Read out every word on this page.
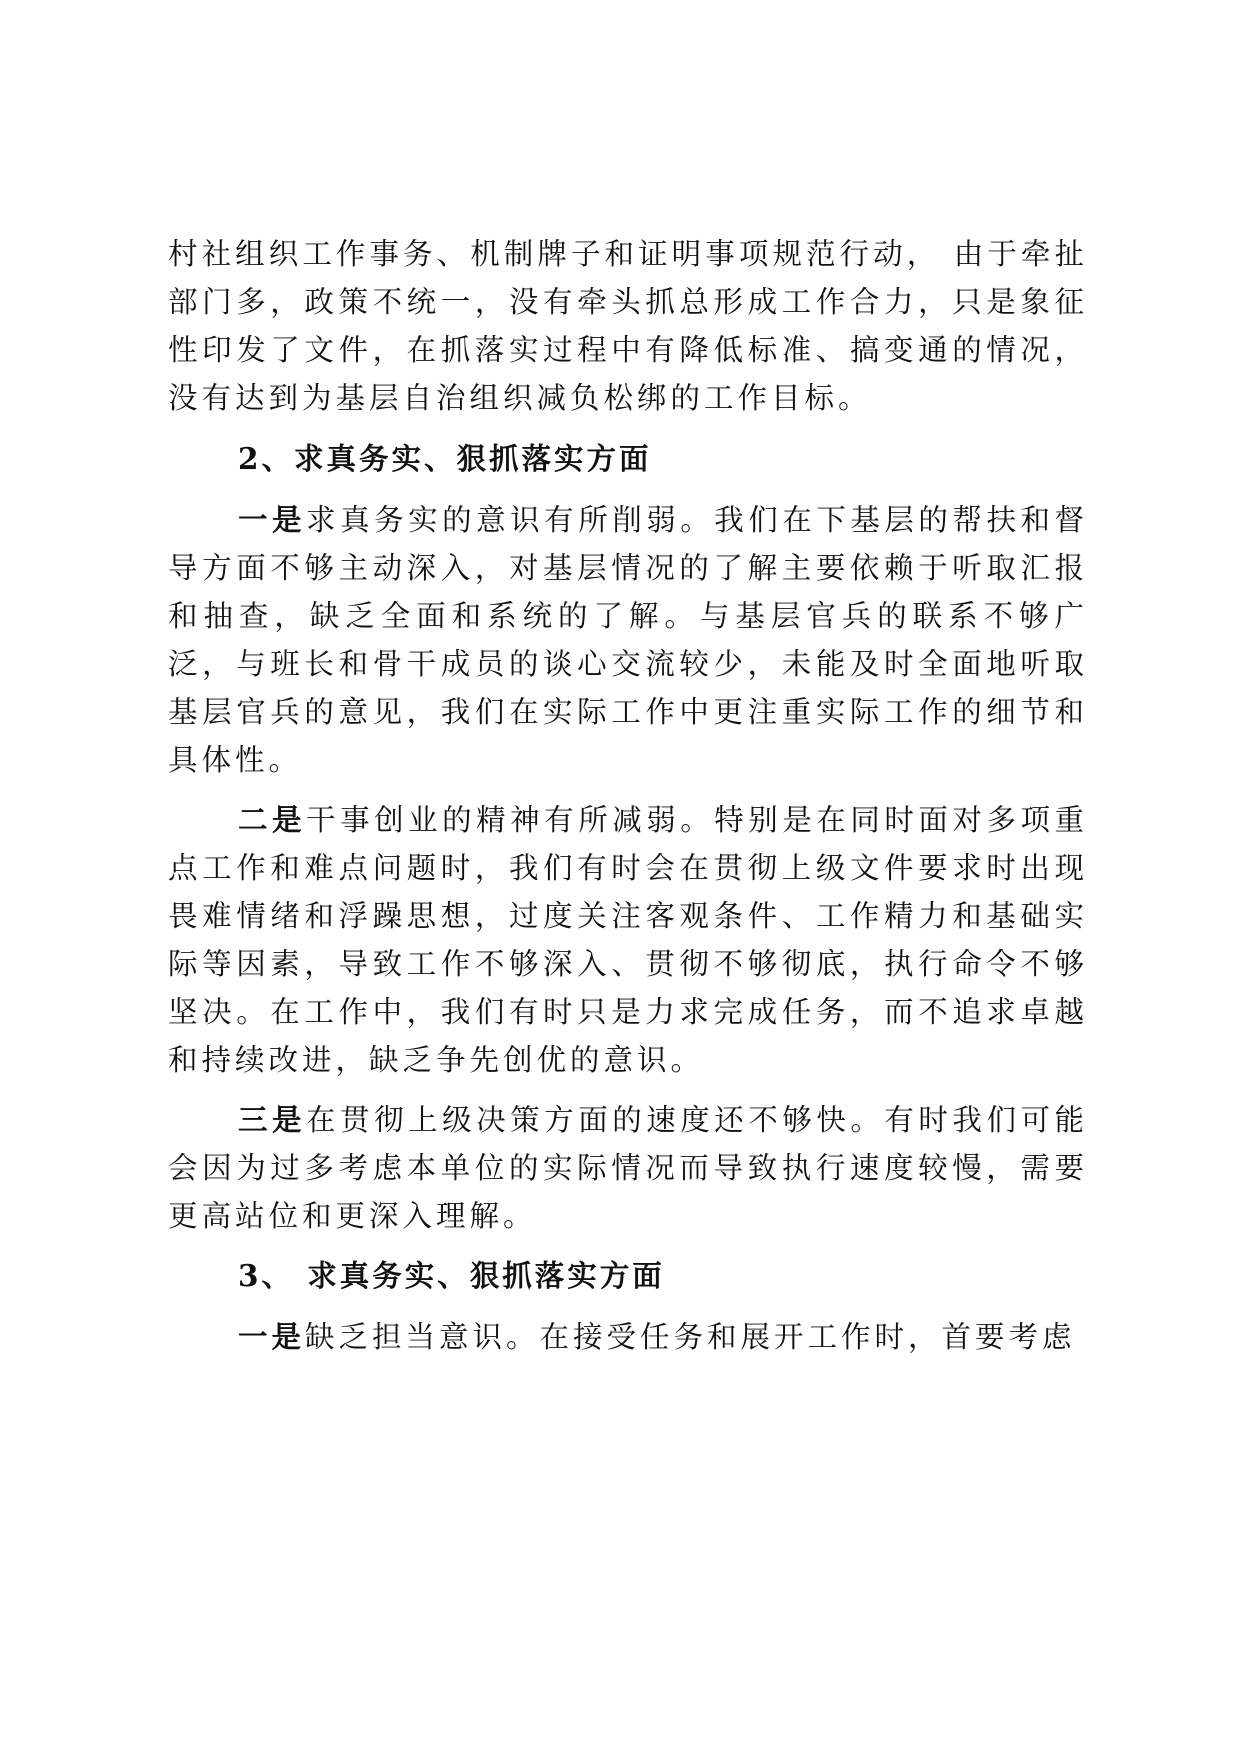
村社组织工作事务、机制牌子和证明事项规范行动， 由于牵扯部门多，政策不统一，没有牵头抓总形成工作合力，只是象征性印发了文件，在抓落实过程中有降低标准、搞变通的情况，没有达到为基层自治组织减负松绑的工作目标。

2、求真务实、狠抓落实方面

一是求真务实的意识有所削弱。我们在下基层的帮扶和督导方面不够主动深入，对基层情况的了解主要依赖于听取汇报和抽查，缺乏全面和系统的了解。与基层官兵的联系不够广泛，与班长和骨干成员的谈心交流较少，未能及时全面地听取基层官兵的意见，我们在实际工作中更注重实际工作的细节和具体性。

二是干事创业的精神有所减弱。特别是在同时面对多项重点工作和难点问题时，我们有时会在贯彻上级文件要求时出现畏难情绪和浮躁思想，过度关注客观条件、工作精力和基础实际等因素，导致工作不够深入、贯彻不够彻底，执行命令不够坚决。在工作中，我们有时只是力求完成任务，而不追求卓越和持续改进，缺乏争先创优的意识。

三是在贯彻上级决策方面的速度还不够快。有时我们可能会因为过多考虑本单位的实际情况而导致执行速度较慢，需要更高站位和更深入理解。

3、 求真务实、狠抓落实方面

一是缺乏担当意识。在接受任务和展开工作时，首要考虑
